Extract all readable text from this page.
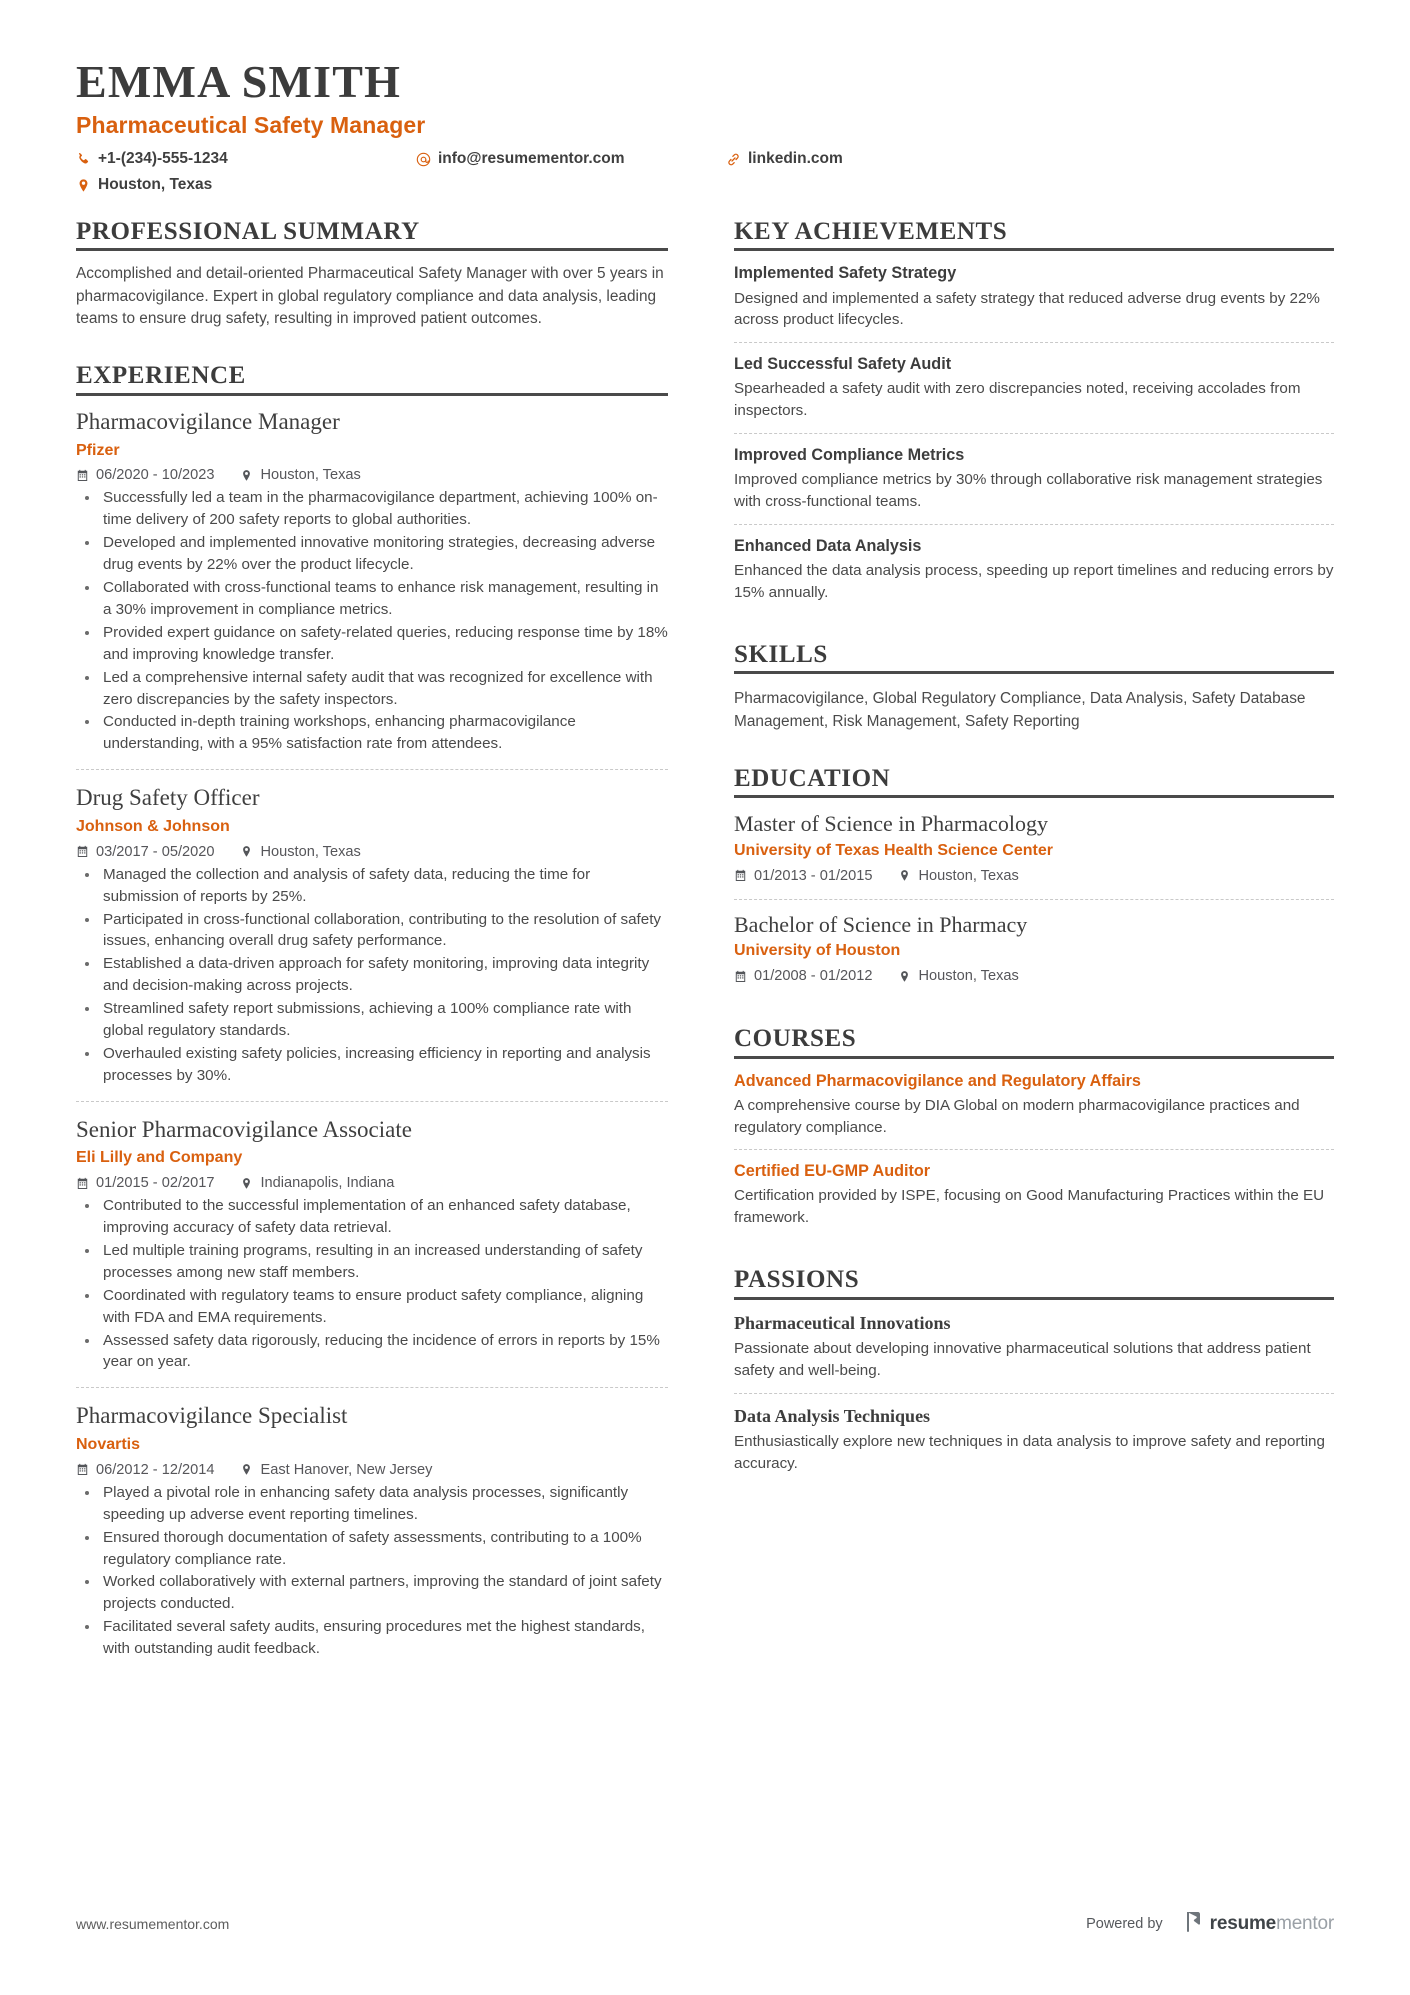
EMMA SMITH
Pharmaceutical Safety Manager
+1-(234)-555-1234	info@resumementor.com	linkedin.com
Houston, Texas
PROFESSIONAL SUMMARY
Accomplished and detail-oriented Pharmaceutical Safety Manager with over 5 years in pharmacovigilance. Expert in global regulatory compliance and data analysis, leading teams to ensure drug safety, resulting in improved patient outcomes.
EXPERIENCE
Pharmacovigilance Manager
Pfizer
06/2020 - 10/2023	Houston, Texas
Successfully led a team in the pharmacovigilance department, achieving 100% on-time delivery of 200 safety reports to global authorities.
Developed and implemented innovative monitoring strategies, decreasing adverse drug events by 22% over the product lifecycle.
Collaborated with cross-functional teams to enhance risk management, resulting in a 30% improvement in compliance metrics.
Provided expert guidance on safety-related queries, reducing response time by 18% and improving knowledge transfer.
Led a comprehensive internal safety audit that was recognized for excellence with zero discrepancies by the safety inspectors.
Conducted in-depth training workshops, enhancing pharmacovigilance understanding, with a 95% satisfaction rate from attendees.
Drug Safety Officer
Johnson & Johnson
03/2017 - 05/2020	Houston, Texas
Managed the collection and analysis of safety data, reducing the time for submission of reports by 25%.
Participated in cross-functional collaboration, contributing to the resolution of safety issues, enhancing overall drug safety performance.
Established a data-driven approach for safety monitoring, improving data integrity and decision-making across projects.
Streamlined safety report submissions, achieving a 100% compliance rate with global regulatory standards.
Overhauled existing safety policies, increasing efficiency in reporting and analysis processes by 30%.
Senior Pharmacovigilance Associate
Eli Lilly and Company
01/2015 - 02/2017	Indianapolis, Indiana
Contributed to the successful implementation of an enhanced safety database, improving accuracy of safety data retrieval.
Led multiple training programs, resulting in an increased understanding of safety processes among new staff members.
Coordinated with regulatory teams to ensure product safety compliance, aligning with FDA and EMA requirements.
Assessed safety data rigorously, reducing the incidence of errors in reports by 15% year on year.
Pharmacovigilance Specialist
Novartis
06/2012 - 12/2014	East Hanover, New Jersey
Played a pivotal role in enhancing safety data analysis processes, significantly speeding up adverse event reporting timelines.
Ensured thorough documentation of safety assessments, contributing to a 100% regulatory compliance rate.
Worked collaboratively with external partners, improving the standard of joint safety projects conducted.
Facilitated several safety audits, ensuring procedures met the highest standards, with outstanding audit feedback.
KEY ACHIEVEMENTS
Implemented Safety Strategy
Designed and implemented a safety strategy that reduced adverse drug events by 22% across product lifecycles.
Led Successful Safety Audit
Spearheaded a safety audit with zero discrepancies noted, receiving accolades from inspectors.
Improved Compliance Metrics
Improved compliance metrics by 30% through collaborative risk management strategies with cross-functional teams.
Enhanced Data Analysis
Enhanced the data analysis process, speeding up report timelines and reducing errors by 15% annually.
SKILLS
Pharmacovigilance, Global Regulatory Compliance, Data Analysis, Safety Database Management, Risk Management, Safety Reporting
EDUCATION
Master of Science in Pharmacology
University of Texas Health Science Center
01/2013 - 01/2015	Houston, Texas
Bachelor of Science in Pharmacy
University of Houston
01/2008 - 01/2012	Houston, Texas
COURSES
Advanced Pharmacovigilance and Regulatory Affairs
A comprehensive course by DIA Global on modern pharmacovigilance practices and regulatory compliance.
Certified EU-GMP Auditor
Certification provided by ISPE, focusing on Good Manufacturing Practices within the EU framework.
PASSIONS
Pharmaceutical Innovations
Passionate about developing innovative pharmaceutical solutions that address patient safety and well-being.
Data Analysis Techniques
Enthusiastically explore new techniques in data analysis to improve safety and reporting accuracy.
www.resumementor.com	Powered by resumementor
